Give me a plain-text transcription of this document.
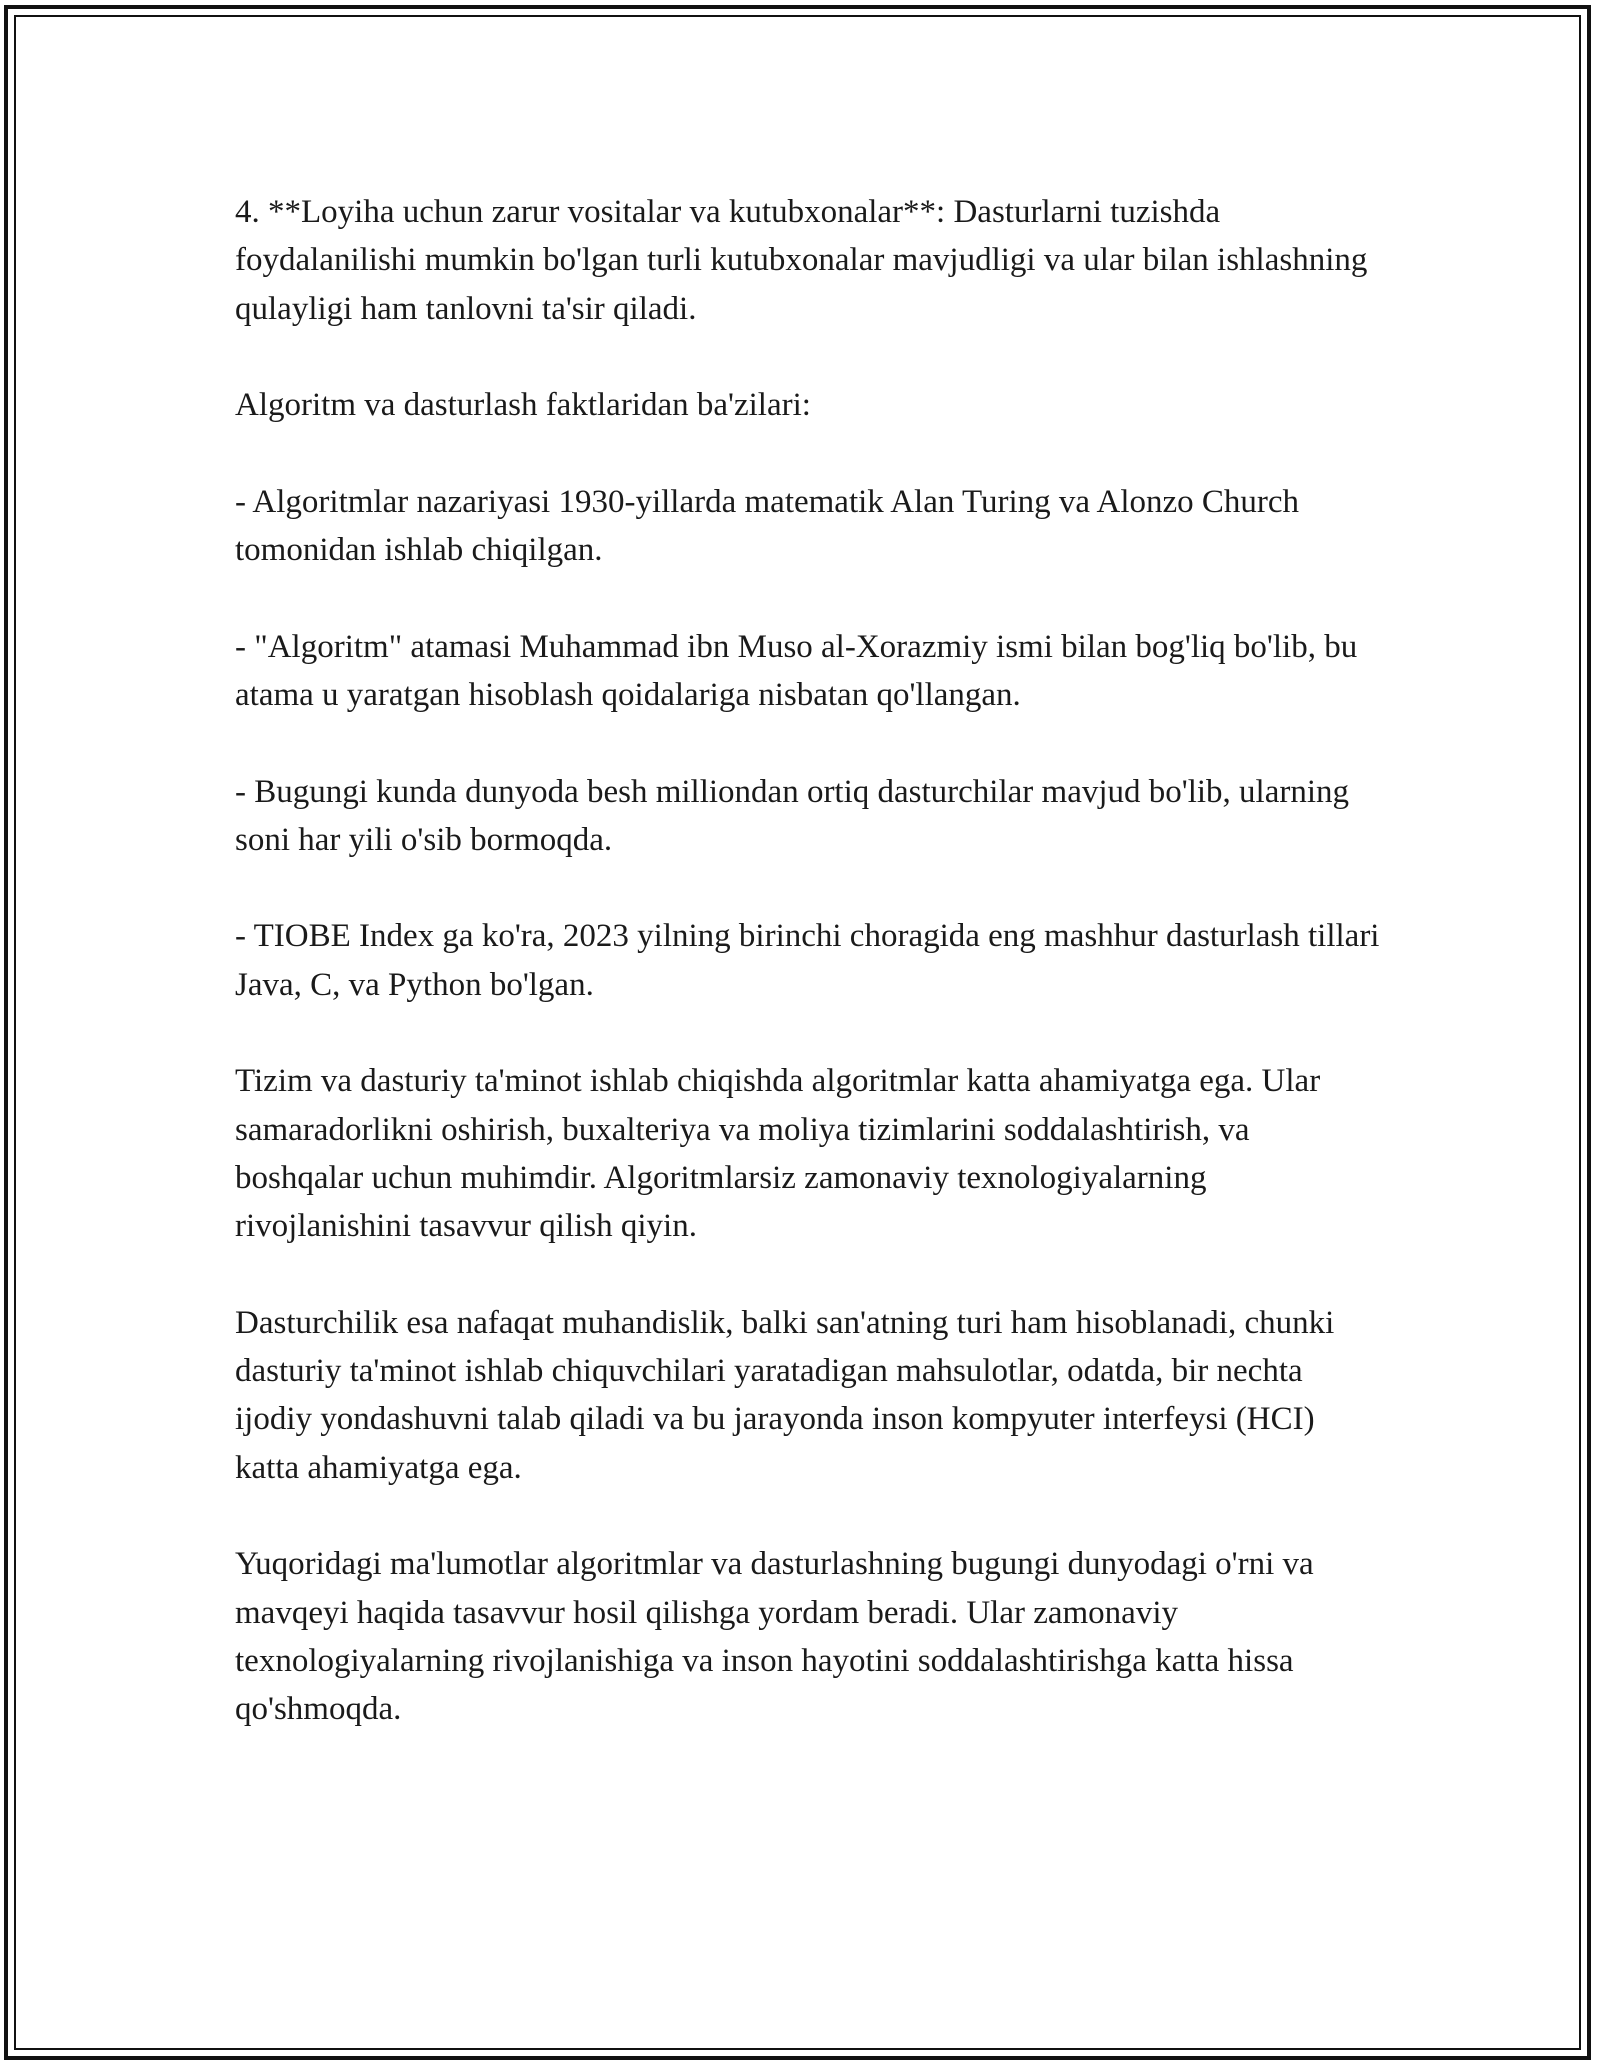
4. **Loyiha uchun zarur vositalar va kutubxonalar**: Dasturlarni tuzishda foydalanilishi mumkin bo'lgan turli kutubxonalar mavjudligi va ular bilan ishlashning qulayligi ham tanlovni ta'sir qiladi.

Algoritm va dasturlash faktlaridan ba'zilari:

- Algoritmlar nazariyasi 1930-yillarda matematik Alan Turing va Alonzo Church tomonidan ishlab chiqilgan.

- "Algoritm" atamasi Muhammad ibn Muso al-Xorazmiy ismi bilan bog'liq bo'lib, bu atama u yaratgan hisoblash qoidalariga nisbatan qo'llangan.

- Bugungi kunda dunyoda besh milliondan ortiq dasturchilar mavjud bo'lib, ularning soni har yili o'sib bormoqda.

- TIOBE Index ga ko'ra, 2023 yilning birinchi choragida eng mashhur dasturlash tillari Java, C, va Python bo'lgan.

Tizim va dasturiy ta'minot ishlab chiqishda algoritmlar katta ahamiyatga ega. Ular samaradorlikni oshirish, buxalteriya va moliya tizimlarini soddalashtirish, va boshqalar uchun muhimdir. Algoritmlarsiz zamonaviy texnologiyalarning rivojlanishini tasavvur qilish qiyin.

Dasturchilik esa nafaqat muhandislik, balki san'atning turi ham hisoblanadi, chunki dasturiy ta'minot ishlab chiquvchilari yaratadigan mahsulotlar, odatda, bir nechta ijodiy yondashuvni talab qiladi va bu jarayonda inson kompyuter interfeysi (HCI) katta ahamiyatga ega.

Yuqoridagi ma'lumotlar algoritmlar va dasturlashning bugungi dunyodagi o'rni va mavqeyi haqida tasavvur hosil qilishga yordam beradi. Ular zamonaviy texnologiyalarning rivojlanishiga va inson hayotini soddalashtirishga katta hissa qo'shmoqda.
